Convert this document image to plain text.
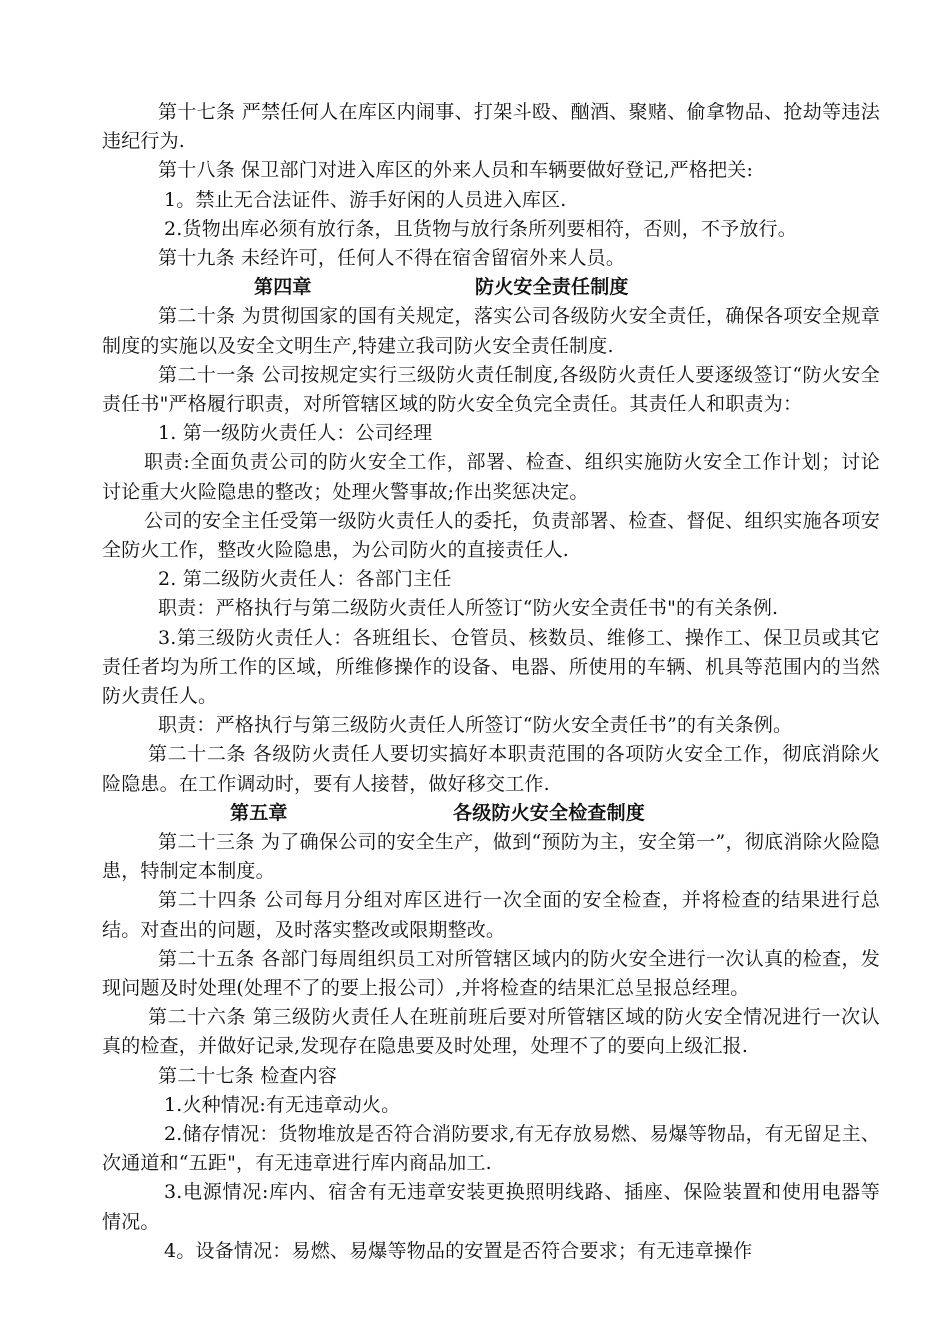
第十七条 严禁任何人在库区内闹事、打架斗殴、酗酒、聚赌、偷拿物品、抢劫等违法违纪行为.

第十八条 保卫部门对进入库区的外来人员和车辆要做好登记,严格把关:

1。禁止无合法证件、游手好闲的人员进入库区.

2.货物出库必须有放行条，且货物与放行条所列要相符，否则，不予放行。

第十九条 未经许可，任何人不得在宿舍留宿外来人员。

第四章	防火安全责任制度

第二十条 为贯彻国家的国有关规定，落实公司各级防火安全责任，确保各项安全规章制度的实施以及安全文明生产,特建立我司防火安全责任制度.

第二十一条 公司按规定实行三级防火责任制度,各级防火责任人要逐级签订“防火安全责任书"严格履行职责，对所管辖区域的防火安全负完全责任。其责任人和职责为：

1. 第一级防火责任人：公司经理

职责:全面负责公司的防火安全工作，部署、检查、组织实施防火安全工作计划；讨论讨论重大火险隐患的整改；处理火警事故;作出奖惩决定。

公司的安全主任受第一级防火责任人的委托，负责部署、检查、督促、组织实施各项安全防火工作，整改火险隐患，为公司防火的直接责任人.

2. 第二级防火责任人：各部门主任

职责：严格执行与第二级防火责任人所签订“防火安全责任书"的有关条例.

3.第三级防火责任人：各班组长、仓管员、核数员、维修工、操作工、保卫员或其它责任者均为所工作的区域，所维修操作的设备、电器、所使用的车辆、机具等范围内的当然防火责任人。

职责：严格执行与第三级防火责任人所签订“防火安全责任书”的有关条例。

第二十二条 各级防火责任人要切实搞好本职责范围的各项防火安全工作，彻底消除火险隐患。在工作调动时，要有人接替，做好移交工作.

第五章	各级防火安全检查制度

第二十三条 为了确保公司的安全生产，做到“预防为主，安全第一”，彻底消除火险隐患，特制定本制度。

第二十四条 公司每月分组对库区进行一次全面的安全检查，并将检查的结果进行总结。对查出的问题，及时落实整改或限期整改。

第二十五条 各部门每周组织员工对所管辖区域内的防火安全进行一次认真的检查，发现问题及时处理(处理不了的要上报公司）,并将检查的结果汇总呈报总经理。

第二十六条 第三级防火责任人在班前班后要对所管辖区域的防火安全情况进行一次认真的检查，并做好记录,发现存在隐患要及时处理，处理不了的要向上级汇报.

第二十七条 检查内容

1.火种情况:有无违章动火。

2.储存情况：货物堆放是否符合消防要求,有无存放易燃、易爆等物品，有无留足主、次通道和“五距"，有无违章进行库内商品加工.

3.电源情况:库内、宿舍有无违章安装更换照明线路、插座、保险装置和使用电器等情况。

4。设备情况：易燃、易爆等物品的安置是否符合要求；有无违章操作
